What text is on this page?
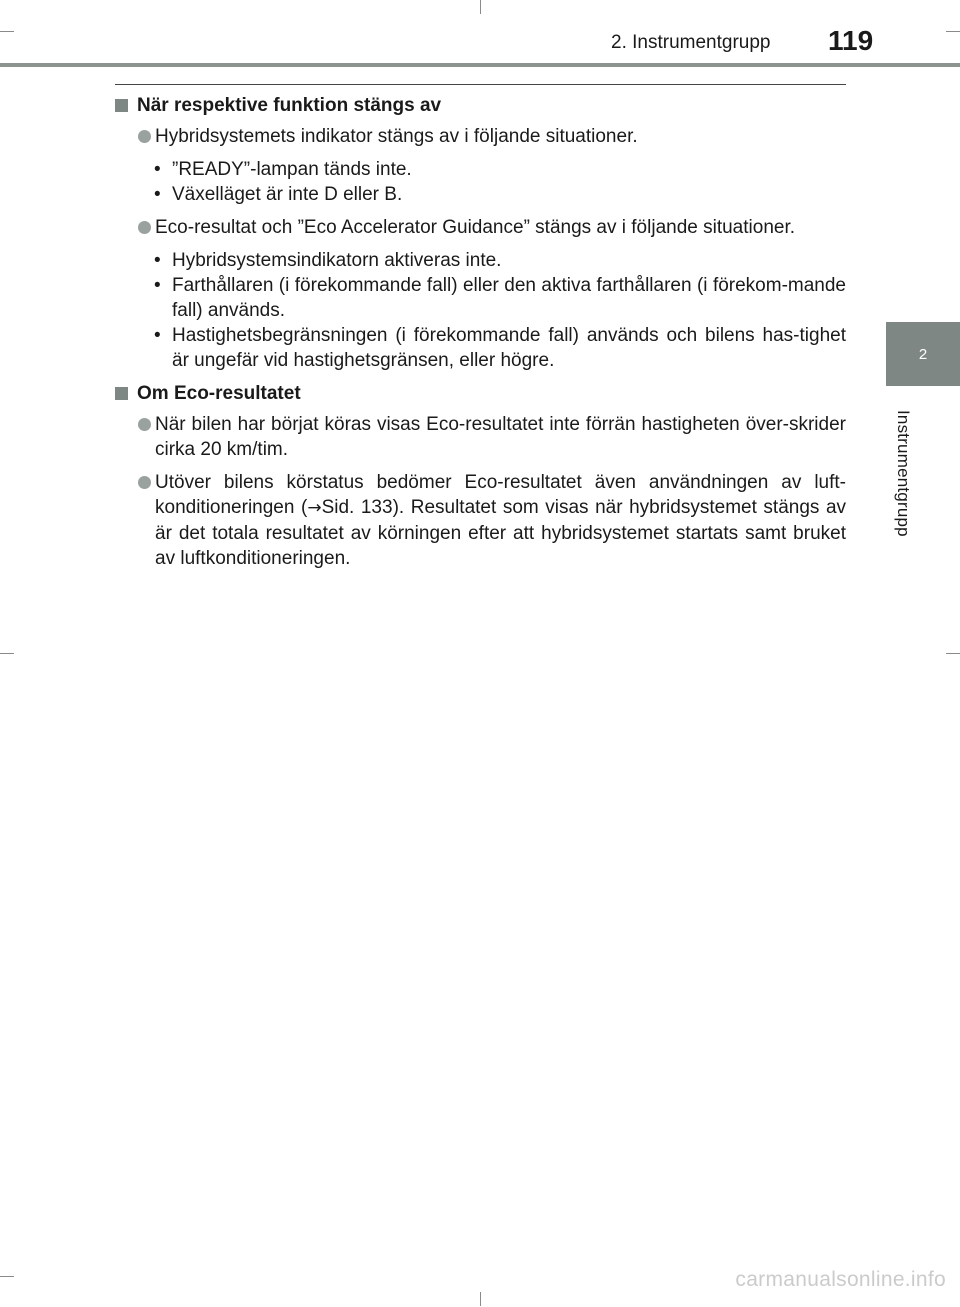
2. Instrumentgrupp 119
2
Instrumentgrupp
När respektive funktion stängs av
Hybridsystemets indikator stängs av i följande situationer.
• ”READY”-lampan tänds inte.
• Växelläget är inte D eller B.
Eco-resultat och ”Eco Accelerator Guidance” stängs av i följande situationer.
• Hybridsystemsindikatorn aktiveras inte.
• Farthållaren (i förekommande fall) eller den aktiva farthållaren (i förekom-mande fall) används.
• Hastighetsbegränsningen (i förekommande fall) används och bilens has-tighet är ungefär vid hastighetsgränsen, eller högre.
Om Eco-resultatet
När bilen har börjat köras visas Eco-resultatet inte förrän hastigheten över-skrider cirka 20 km/tim.
Utöver bilens körstatus bedömer Eco-resultatet även användningen av luft-konditioneringen (→Sid. 133). Resultatet som visas när hybridsystemet stängs av är det totala resultatet av körningen efter att hybridsystemet startats samt bruket av luftkonditioneringen.
carmanualsonline.info
